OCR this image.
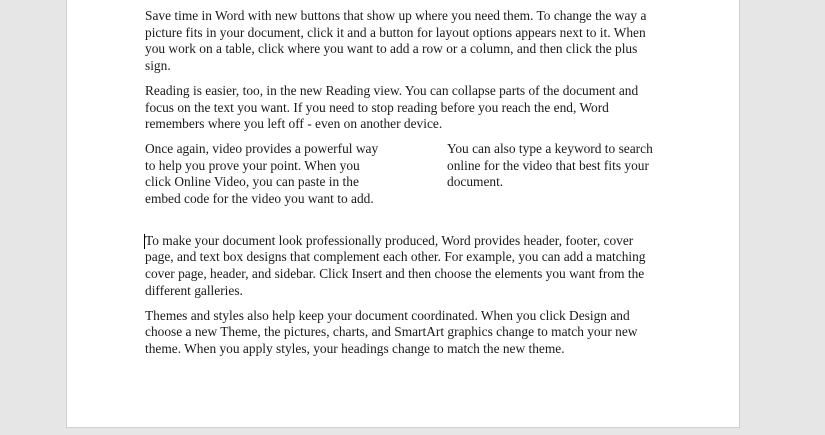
Save time in Word with new buttons that show up where you need them. To change the way a picture fits in your document, click it and a button for layout options appears next to it. When you work on a table, click where you want to add a row or a column, and then click the plus sign.

Reading is easier, too, in the new Reading view. You can collapse parts of the document and focus on the text you want. If you need to stop reading before you reach the end, Word remembers where you left off - even on another device.

Once again, video provides a powerful way to help you prove your point. When you click Online Video, you can paste in the embed code for the video you want to add.

You can also type a keyword to search online for the video that best fits your document.

To make your document look professionally produced, Word provides header, footer, cover page, and text box designs that complement each other. For example, you can add a matching cover page, header, and sidebar. Click Insert and then choose the elements you want from the different galleries.

Themes and styles also help keep your document coordinated. When you click Design and choose a new Theme, the pictures, charts, and SmartArt graphics change to match your new theme. When you apply styles, your headings change to match the new theme.
